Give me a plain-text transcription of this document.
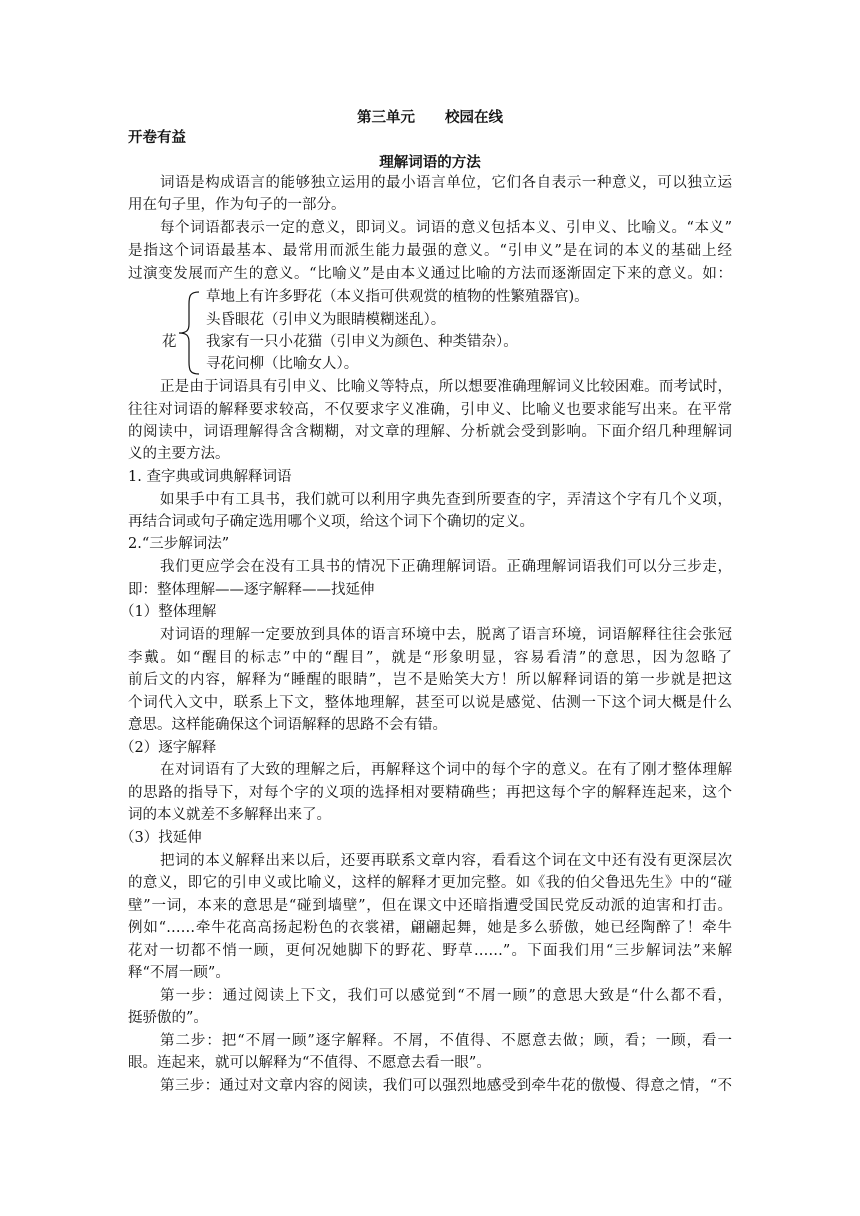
第三单元 校园在线
开卷有益
理解词语的方法
词语是构成语言的能够独立运用的最小语言单位，它们各自表示一种意义，可以独立运
用在句子里，作为句子的一部分。
每个词语都表示一定的意义，即词义。词语的意义包括本义、引申义、比喻义。“本义”
是指这个词语最基本、最常用而派生能力最强的意义。“引申义”是在词的本义的基础上经
过演变发展而产生的意义。“比喻义”是由本义通过比喻的方法而逐渐固定下来的意义。如：
花
草地上有许多野花（本义指可供观赏的植物的性繁殖器官)。
头昏眼花（引申义为眼睛模糊迷乱）。
我家有一只小花猫（引申义为颜色、种类错杂）。
寻花问柳（比喻女人）。
正是由于词语具有引申义、比喻义等特点，所以想要准确理解词义比较困难。而考试时，
往往对词语的解释要求较高，不仅要求字义准确，引申义、比喻义也要求能写出来。在平常
的阅读中，词语理解得含含糊糊，对文章的理解、分析就会受到影响。下面介绍几种理解词
义的主要方法。
1. 查字典或词典解释词语
如果手中有工具书，我们就可以利用字典先查到所要查的字，弄清这个字有几个义项，
再结合词或句子确定选用哪个义项，给这个词下个确切的定义。
2.“三步解词法”
我们更应学会在没有工具书的情况下正确理解词语。正确理解词语我们可以分三步走，
即：整体理解——逐字解释——找延伸
（1）整体理解
对词语的理解一定要放到具体的语言环境中去，脱离了语言环境，词语解释往往会张冠
李戴。如“醒目的标志”中的“醒目”，就是“形象明显，容易看清”的意思，因为忽略了
前后文的内容，解释为“睡醒的眼睛”，岂不是贻笑大方！所以解释词语的第一步就是把这
个词代入文中，联系上下文，整体地理解，甚至可以说是感觉、估测一下这个词大概是什么
意思。这样能确保这个词语解释的思路不会有错。
（2）逐字解释
在对词语有了大致的理解之后，再解释这个词中的每个字的意义。在有了刚才整体理解
的思路的指导下，对每个字的义项的选择相对要精确些；再把这每个字的解释连起来，这个
词的本义就差不多解释出来了。
（3）找延伸
把词的本义解释出来以后，还要再联系文章内容，看看这个词在文中还有没有更深层次
的意义，即它的引申义或比喻义，这样的解释才更加完整。如《我的伯父鲁迅先生》中的“碰
壁”一词，本来的意思是“碰到墙壁”，但在课文中还暗指遭受国民党反动派的迫害和打击。
例如“……牵牛花高高扬起粉色的衣裳裙，翩翩起舞，她是多么骄傲，她已经陶醉了！牵牛
花对一切都不悄一顾，更何况她脚下的野花、野草……”。下面我们用“三步解词法”来解
释“不屑一顾”。
第一步：通过阅读上下文，我们可以感觉到“不屑一顾”的意思大致是“什么都不看，
挺骄傲的”。
第二步：把“不屑一顾”逐字解释。不屑，不值得、不愿意去做；顾，看；一顾，看一
眼。连起来，就可以解释为“不值得、不愿意去看一眼”。
第三步：通过对文章内容的阅读，我们可以强烈地感受到牵牛花的傲慢、得意之情，“不
